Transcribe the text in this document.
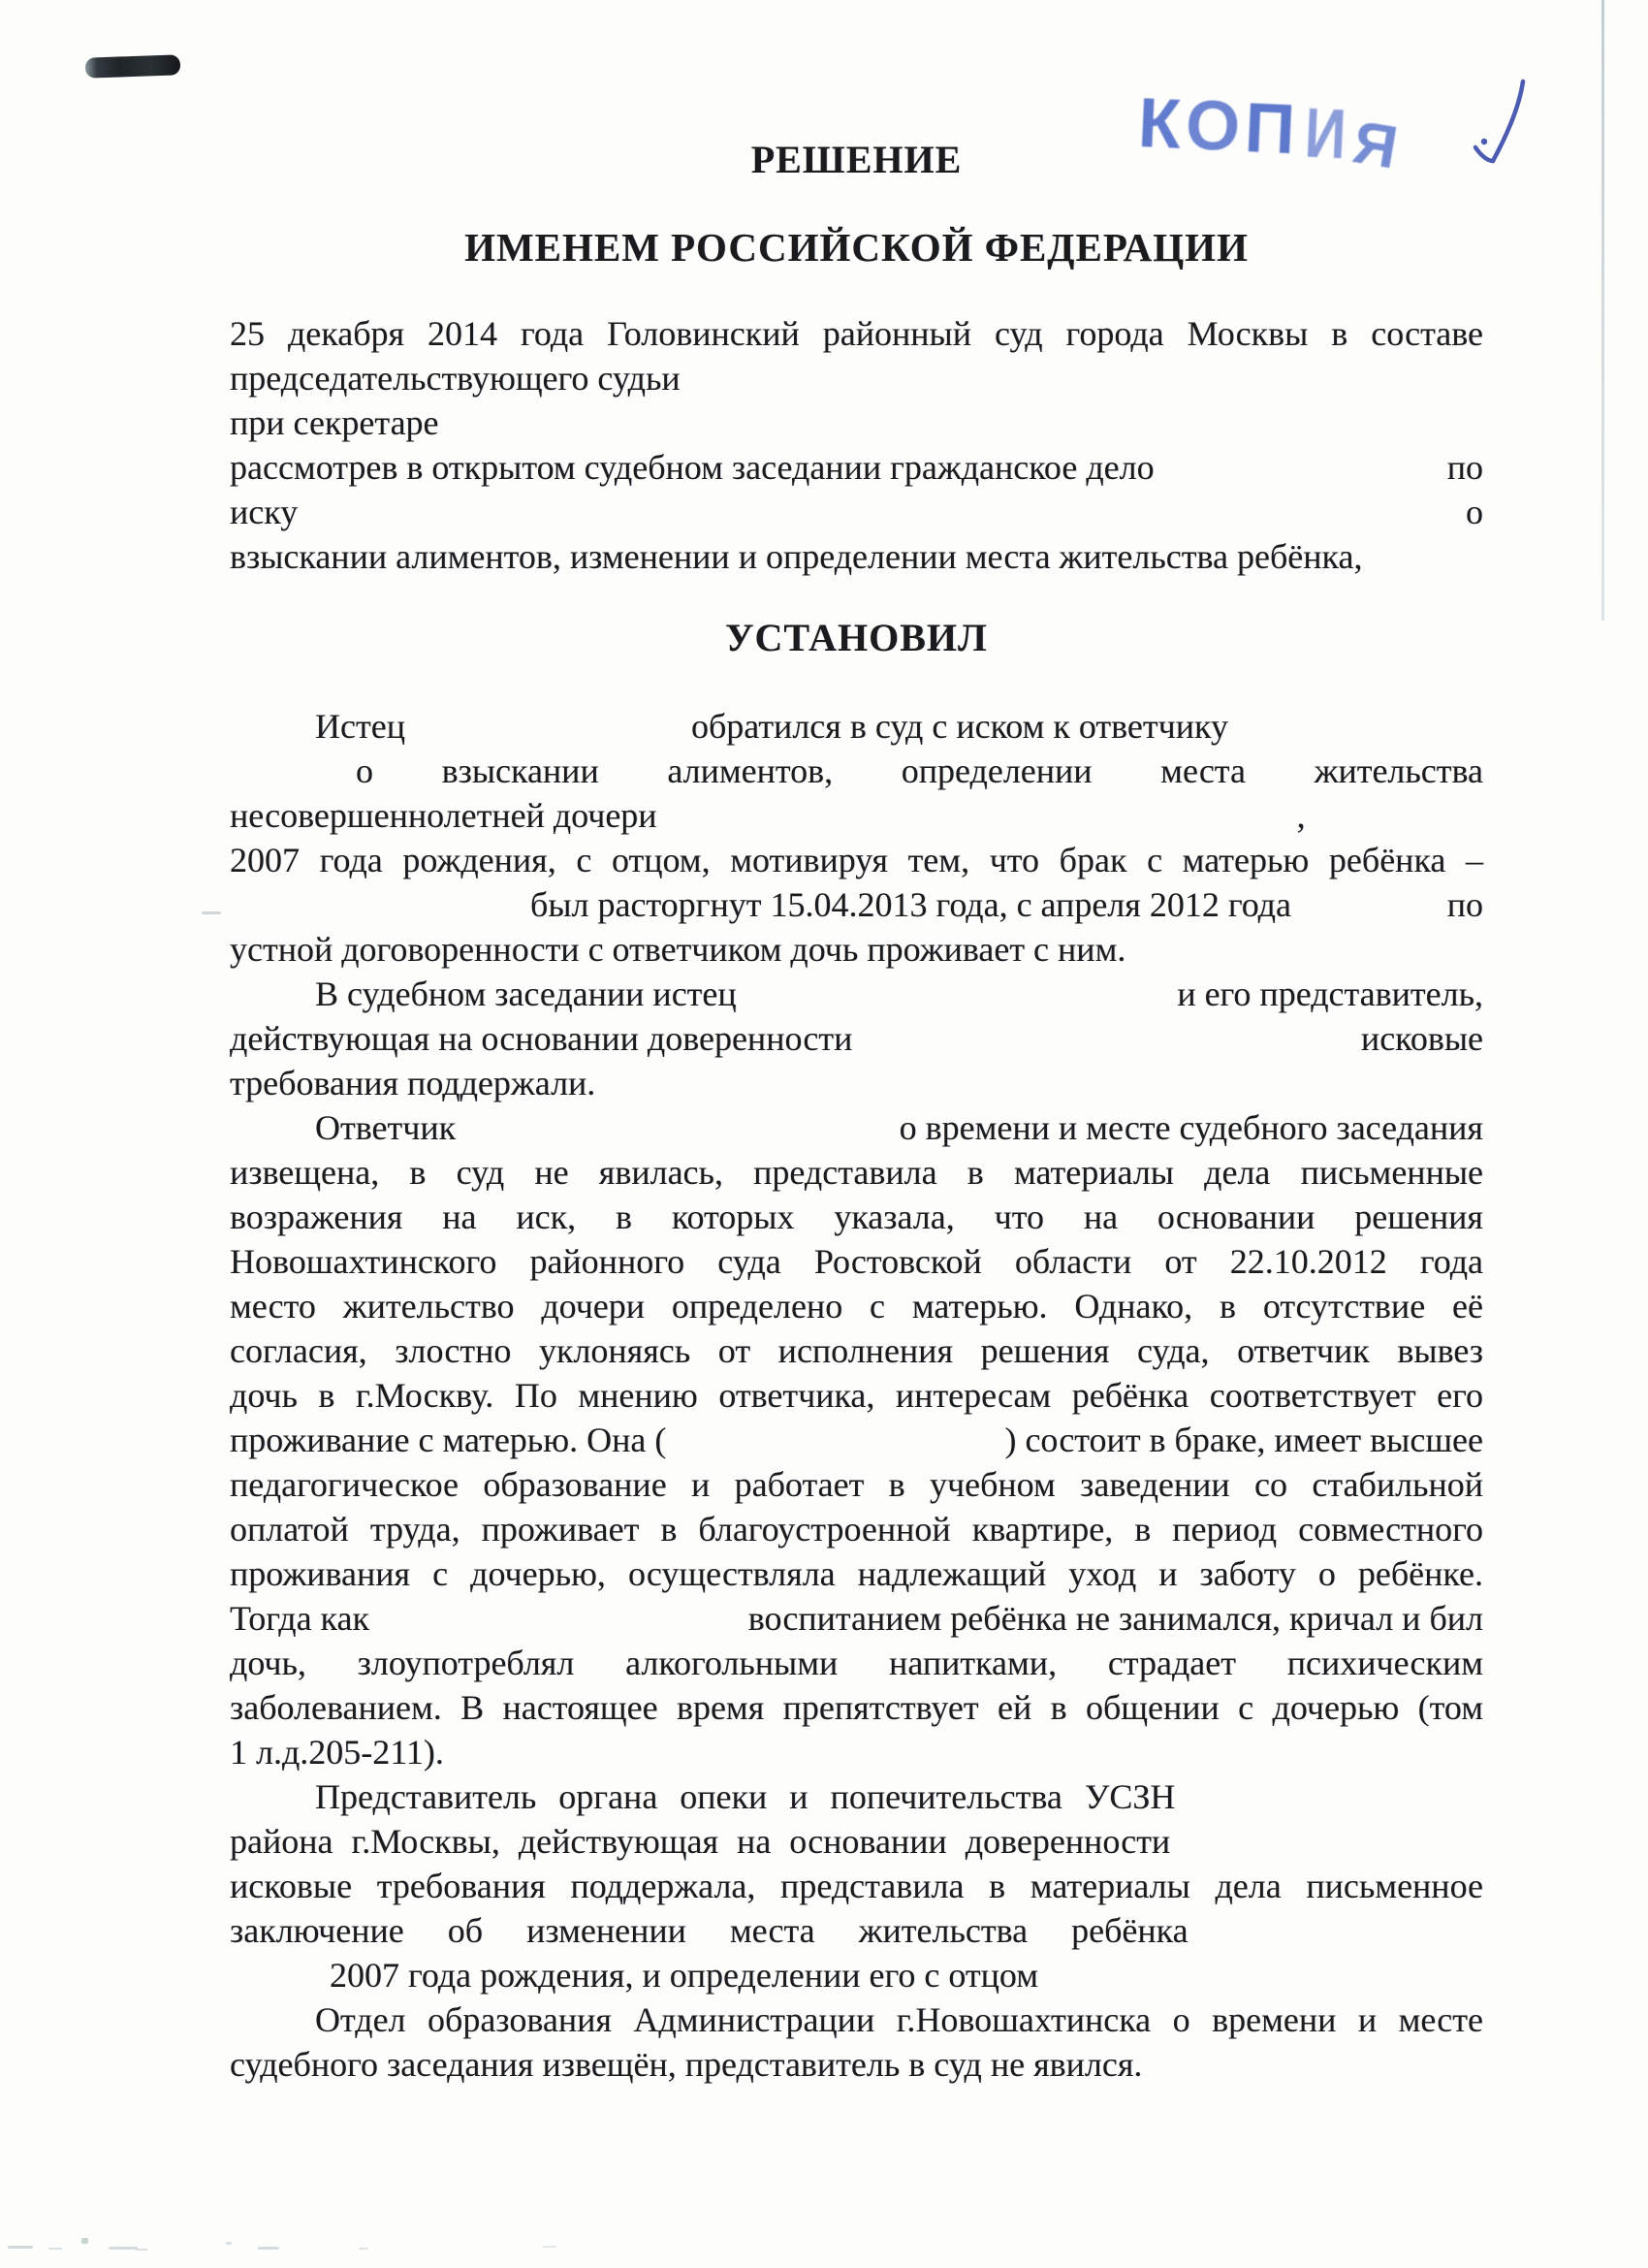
КОПИЯ
РЕШЕНИЕ
ИМЕНЕМ РОССИЙСКОЙ ФЕДЕРАЦИИ
25 декабря 2014 года Головинский районный суд города Москвы в составе
председательствующего судьи
при секретаре
рассмотрев в открытом судебном заседании гражданское дело	по
иску	о
взыскании алиментов, изменении и определении места жительства ребёнка,
УСТАНОВИЛ
Истец	обратился в суд с иском к ответчику
о взыскании алиментов, определении места жительства
несовершеннолетней дочери	,
2007 года рождения, с отцом, мотивируя тем, что брак с матерью ребёнка –
был расторгнут 15.04.2013 года, с апреля 2012 года	по
устной договоренности с ответчиком дочь проживает с ним.
В судебном заседании истец	и его представитель,
действующая на основании доверенности	исковые
требования поддержали.
Ответчик	о времени и месте судебного заседания
извещена, в суд не явилась, представила в материалы дела письменные
возражения на иск, в которых указала, что на основании решения
Новошахтинского районного суда Ростовской области от 22.10.2012 года
место жительство дочери определено с матерью. Однако, в отсутствие её
согласия, злостно уклоняясь от исполнения решения суда, ответчик вывез
дочь в г.Москву. По мнению ответчика, интересам ребёнка соответствует его
проживание с матерью. Она (	) состоит в браке, имеет высшее
педагогическое образование и работает в учебном заведении со стабильной
оплатой труда, проживает в благоустроенной квартире, в период совместного
проживания с дочерью, осуществляла надлежащий уход и заботу о ребёнке.
Тогда как	воспитанием ребёнка не занимался, кричал и бил
дочь, злоупотреблял алкогольными напитками, страдает психическим
заболеванием. В настоящее время препятствует ей в общении с дочерью (том
1 л.д.205-211).
Представитель органа опеки и попечительства УСЗН
района г.Москвы, действующая на основании доверенности
исковые требования поддержала, представила в материалы дела письменное
заключение об изменении места жительства ребёнка
2007 года рождения, и определении его с отцом
Отдел образования Администрации г.Новошахтинска о времени и месте
судебного заседания извещён, представитель в суд не явился.
